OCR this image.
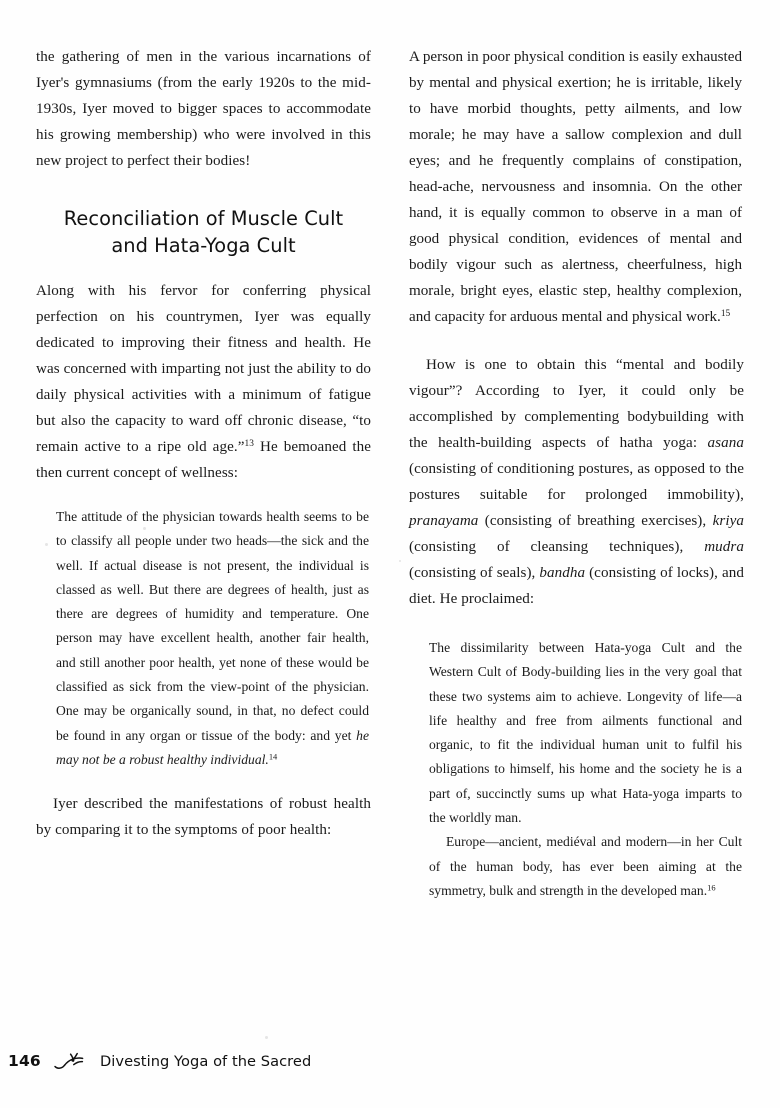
the gathering of men in the various incarnations of Iyer's gymnasiums (from the early 1920s to the mid-1930s, Iyer moved to bigger spaces to accommodate his growing membership) who were involved in this new project to perfect their bodies!

Reconciliation of Muscle Cult
and Hata-Yoga Cult

Along with his fervor for conferring physical perfection on his countrymen, Iyer was equally dedicated to improving their fitness and health. He was concerned with imparting not just the ability to do daily physical activities with a minimum of fatigue but also the capacity to ward off chronic disease, “to remain active to a ripe old age.”$^{13}$ He bemoaned the then current concept of wellness:

The attitude of the physician towards health seems to be to classify all people under two heads—the sick and the well. If actual disease is not present, the individual is classed as well. But there are degrees of health, just as there are degrees of humidity and temperature. One person may have excellent health, another fair health, and still another poor health, yet none of these would be classified as sick from the view-point of the physician. One may be organically sound, in that, no defect could be found in any organ or tissue of the body: and yet he may not be a robust healthy individual.$^{14}$

Iyer described the manifestations of robust health by comparing it to the symptoms of poor health:

A person in poor physical condition is easily exhausted by mental and physical exertion; he is irritable, likely to have morbid thoughts, petty ailments, and low morale; he may have a sallow complexion and dull eyes; and he frequently complains of constipation, head-ache, nervousness and insomnia. On the other hand, it is equally common to observe in a man of good physical condition, evidences of mental and bodily vigour such as alertness, cheerfulness, high morale, bright eyes, elastic step, healthy complexion, and capacity for arduous mental and physical work.$^{15}$

How is one to obtain this “mental and bodily vigour”? According to Iyer, it could only be accomplished by complementing bodybuilding with the health-building aspects of hatha yoga: asana (consisting of conditioning postures, as opposed to the postures suitable for prolonged immobility), pranayama (consisting of breathing exercises), kriya (consisting of cleansing techniques), mudra (consisting of seals), bandha (consisting of locks), and diet. He proclaimed:

The dissimilarity between Hata-yoga Cult and the Western Cult of Body-building lies in the very goal that these two systems aim to achieve. Longevity of life—a life healthy and free from ailments functional and organic, to fit the individual human unit to fulfil his obligations to himself, his home and the society he is a part of, succinctly sums up what Hata-yoga imparts to the worldly man.

Europe—ancient, mediéval and modern—in her Cult of the human body, has ever been aiming at the symmetry, bulk and strength in the developed man.$^{16}$

146	Divesting Yoga of the Sacred
